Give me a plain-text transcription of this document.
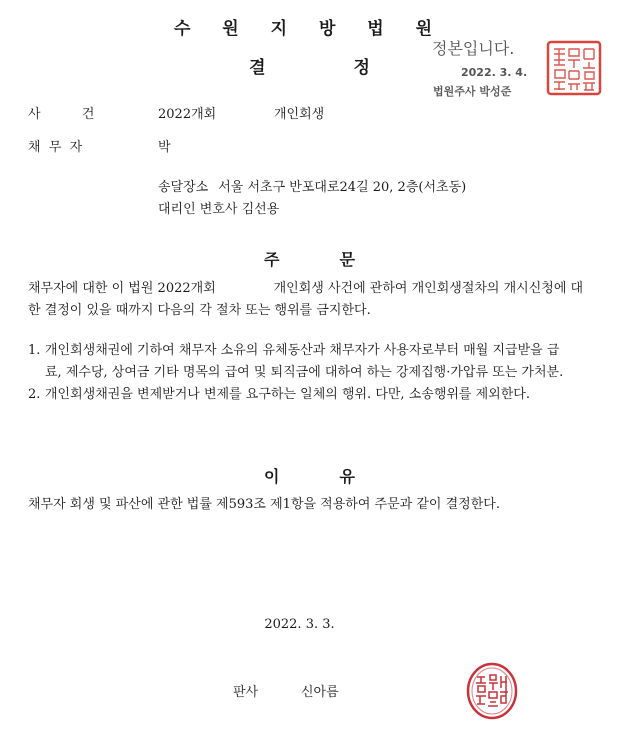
수 원 지 방 법 원
결	정
정본입니다.
2022. 3. 4.
법원주사 박성준
사          건	2022개회	개인회생
채  무  자	박
송달장소 서울 서초구 반포대로24길 20, 2층(서초동)
대리인 변호사 김선용
주	문
채무자에 대한 이 법원 2022개회              개인회생 사건에 관하여 개인회생절차의 개시신청에 대한 결정이 있을 때까지 다음의 각 절차 또는 행위를 금지한다.
1. 개인회생채권에 기하여 채무자 소유의 유체동산과 채무자가 사용자로부터 매월 지급받을 급료, 제수당, 상여금 기타 명목의 급여 및 퇴직금에 대하여 하는 강제집행·가압류 또는 가처분.
2. 개인회생채권을 변제받거나 변제를 요구하는 일체의 행위. 다만, 소송행위를 제외한다.
이	유
채무자 회생 및 파산에 관한 법률 제593조 제1항을 적용하여 주문과 같이 결정한다.
2022. 3. 3.
판사	신아름
